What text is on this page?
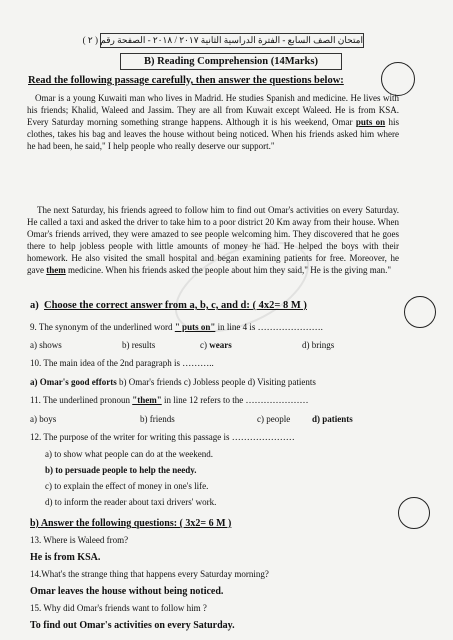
امتحان الصف السابع - الفترة الدراسية الثانية ٢٠١٧ / ٢٠١٨ - الصفحة رقم ( ٢ )
B) Reading Comprehension (14Marks)
Read the following passage carefully, then answer the questions below:
Omar is a young Kuwaiti man who lives in Madrid. He studies Spanish and medicine. He lives with his friends; Khalid, Waleed and Jassim. They are all from Kuwait except Waleed. He is from KSA. Every Saturday morning something strange happens. Although it is his weekend, Omar puts on his clothes, takes his bag and leaves the house without being noticed. When his friends asked him where he had been, he said," I help people who really deserve our support."
The next Saturday, his friends agreed to follow him to find out Omar's activities on every Saturday. He called a taxi and asked the driver to take him to a poor district 20 Km away from their house. When Omar's friends arrived, they were amazed to see people welcoming him. They discovered that he goes there to help jobless people with little amounts of money he had. He helped the boys with their homework. He also visited the small hospital and began examining patients for free. Moreover, he gave them medicine. When his friends asked the people about him they said," He is the giving man."
a) Choose the correct answer from a, b, c, and d: ( 4x2= 8 M )
9. The synonym of the underlined word " puts on" in line 4 is ………………….
a) shows	b) results	c) wears	d) brings
10. The main idea of the 2nd paragraph is ………..
a) Omar's good efforts b) Omar's friends c) Jobless people d) Visiting patients
11. The underlined pronoun "them" in line 12 refers to the …………………
a) boys	b) friends	c) people d) patients
12. The purpose of the writer for writing this passage is …………………
a) to show what people can do at the weekend.
b) to persuade people to help the needy.
c) to explain the effect of money in one's life.
d) to inform the reader about taxi drivers' work.
b) Answer the following questions: ( 3x2= 6 M )
13. Where is Waleed from?
He is from KSA.
14.What's the strange thing that happens every Saturday morning?
Omar leaves the house without being noticed.
15. Why did Omar's friends want to follow him ?
To find out Omar's activities on every Saturday.
